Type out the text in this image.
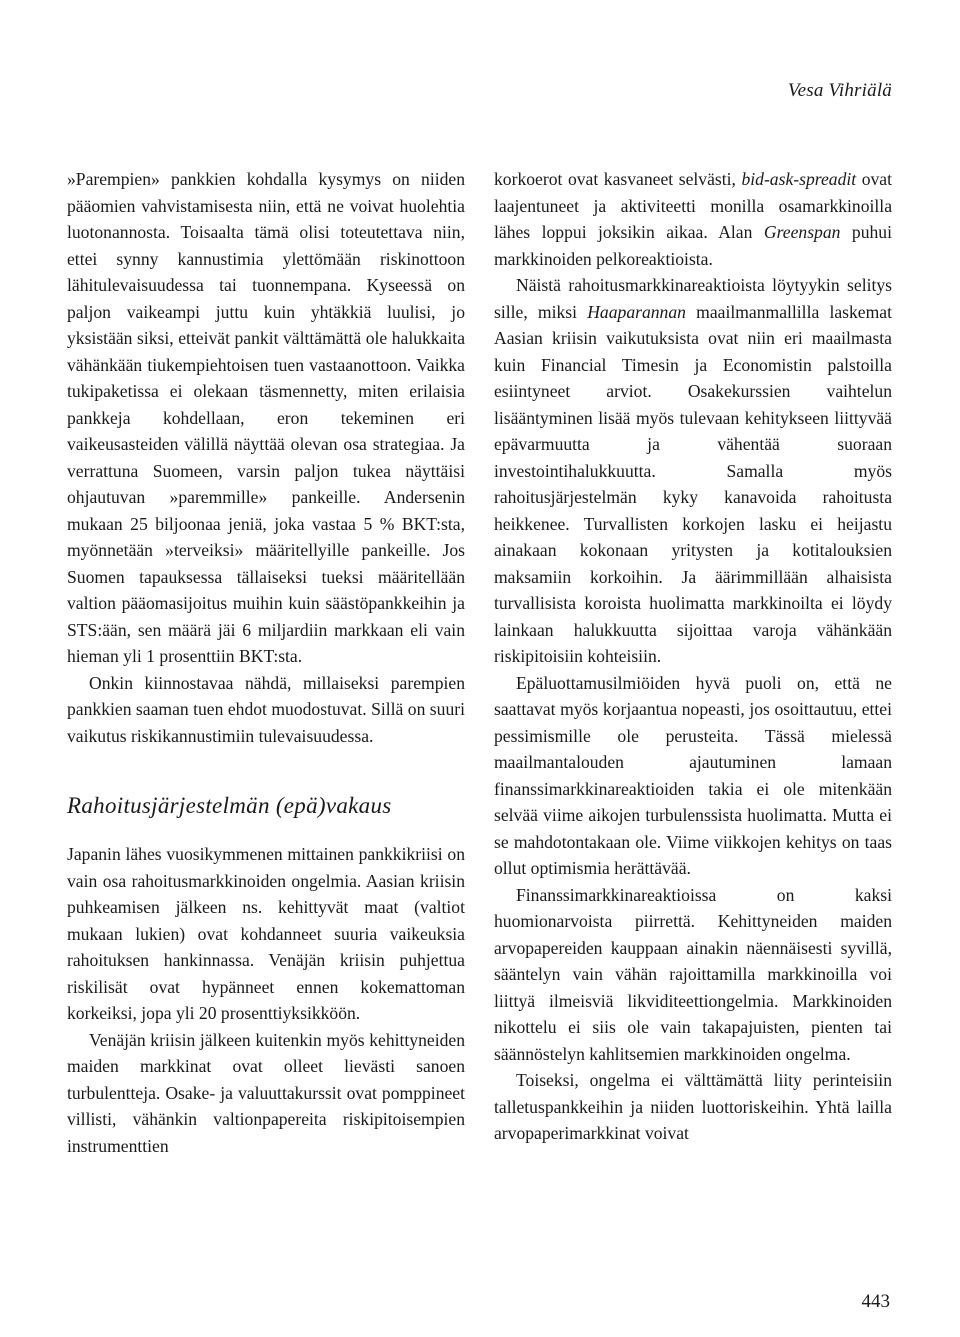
Vesa Vihriälä

»Parempien» pankkien kohdalla kysymys on niiden pääomien vahvistamisesta niin, että ne voivat huolehtia luotonannosta. Toisaalta tämä olisi toteutettava niin, ettei synny kannustimia ylettömään riskinottoon lähitulevaisuudessa tai tuonnempana. Kyseessä on paljon vaikeampi juttu kuin yhtäkkiä luulisi, jo yksistään siksi, etteivät pankit välttämättä ole halukkaita vähänkään tiukempiehtoisen tuen vastaanottoon. Vaikka tukipaketissa ei olekaan täsmennetty, miten erilaisia pankkeja kohdellaan, eron tekeminen eri vaikeusasteiden välillä näyttää olevan osa strategiaa. Ja verrattuna Suomeen, varsin paljon tukea näyttäisi ohjautuvan »paremmille» pankeille. Andersenin mukaan 25 biljoonaa jeniä, joka vastaa 5 % BKT:sta, myönnetään »terveiksi» määritellyille pankeille. Jos Suomen tapauksessa tällaiseksi tueksi määritellään valtion pääomasijoitus muihin kuin säästöpankkeihin ja STS:ään, sen määrä jäi 6 miljardiin markkaan eli vain hieman yli 1 prosenttiin BKT:sta.

Onkin kiinnostavaa nähdä, millaiseksi parempien pankkien saaman tuen ehdot muodostuvat. Sillä on suuri vaikutus riskikannustimiin tulevaisuudessa.

Rahoitusjärjestelmän (epä)vakaus

Japanin lähes vuosikymmenen mittainen pankkikriisi on vain osa rahoitusmarkkinoiden ongelmia. Aasian kriisin puhkeamisen jälkeen ns. kehittyvät maat (valtiot mukaan lukien) ovat kohdanneet suuria vaikeuksia rahoituksen hankinnassa. Venäjän kriisin puhjettua riskilisät ovat hypänneet ennen kokemattoman korkeiksi, jopa yli 20 prosenttiyksikköön.

Venäjän kriisin jälkeen kuitenkin myös kehittyneiden maiden markkinat ovat olleet lievästi sanoen turbulentteja. Osake- ja valuuttakurssit ovat pomppineet villisti, vähänkin valtionpapereita riskipitoisempien instrumenttien

korkoerot ovat kasvaneet selvästi, bid-ask-spreadit ovat laajentuneet ja aktiviteetti monilla osamarkkinoilla lähes loppui joksikin aikaa. Alan Greenspan puhui markkinoiden pelkoreaktioista.

Näistä rahoitusmarkkinareaktioista löytyykin selitys sille, miksi Haaparannan maailmanmallilla laskemat Aasian kriisin vaikutuksista ovat niin eri maailmasta kuin Financial Timesin ja Economistin palstoilla esiintyneet arviot. Osakekurssien vaihtelun lisääntyminen lisää myös tulevaan kehitykseen liittyvää epävarmuutta ja vähentää suoraan investointihalukkuutta. Samalla myös rahoitusjärjestelmän kyky kanavoida rahoitusta heikkenee. Turvallisten korkojen lasku ei heijastu ainakaan kokonaan yritysten ja kotitalouksien maksamiin korkoihin. Ja äärimmillään alhaisista turvallisista koroista huolimatta markkinoilta ei löydy lainkaan halukkuutta sijoittaa varoja vähänkään riskipitoisiin kohteisiin.

Epäluottamusilmiöiden hyvä puoli on, että ne saattavat myös korjaantua nopeasti, jos osoittautuu, ettei pessimismille ole perusteita. Tässä mielessä maailmantalouden ajautuminen lamaan finanssimarkkinareaktioiden takia ei ole mitenkään selvää viime aikojen turbulenssista huolimatta. Mutta ei se mahdotontakaan ole. Viime viikkojen kehitys on taas ollut optimismia herättävää.

Finanssimarkkinareaktioissa on kaksi huomionarvoista piirrettä. Kehittyneiden maiden arvopapereiden kauppaan ainakin näennäisesti syvillä, sääntelyn vain vähän rajoittamilla markkinoilla voi liittyä ilmeisviä likviditeettiongelmia. Markkinoiden nikottelu ei siis ole vain takapajuisten, pienten tai säännöstelyn kahlitsemien markkinoiden ongelma.

Toiseksi, ongelma ei välttämättä liity perinteisiin talletuspankkeihin ja niiden luottoriskeihin. Yhtä lailla arvopaperimarkkinat voivat

443
